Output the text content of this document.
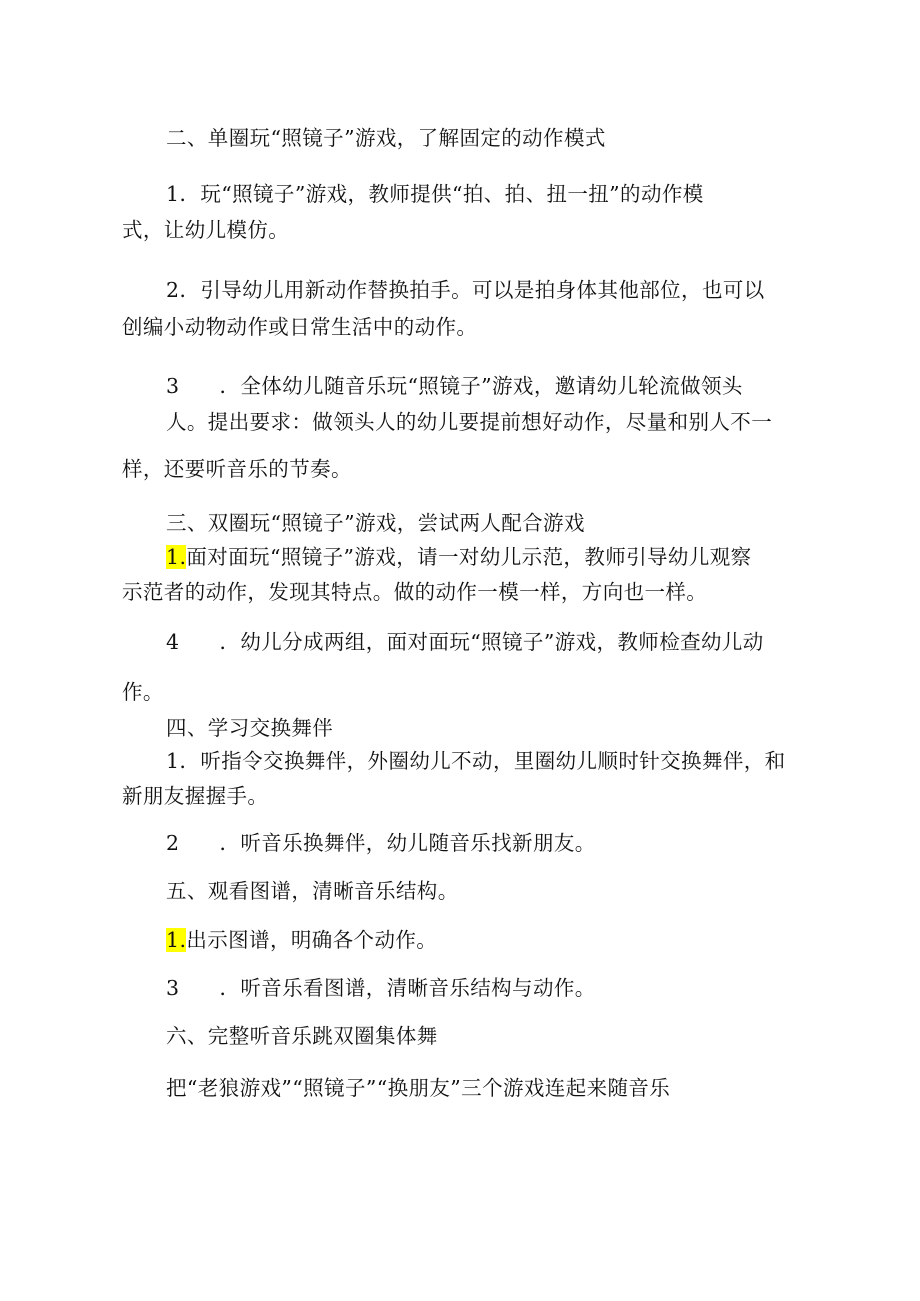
二、单圈玩“照镜子”游戏，了解固定的动作模式
1．玩“照镜子”游戏，教师提供“拍、拍、扭一扭”的动作模
式，让幼儿模仿。
2．引导幼儿用新动作替换拍手。可以是拍身体其他部位，也可以
创编小动物动作或日常生活中的动作。
3 ．全体幼儿随音乐玩“照镜子”游戏，邀请幼儿轮流做领头
人。提出要求：做领头人的幼儿要提前想好动作，尽量和别人不一
样，还要听音乐的节奏。
三、双圈玩“照镜子”游戏，尝试两人配合游戏
1.面对面玩“照镜子”游戏，请一对幼儿示范，教师引导幼儿观察
示范者的动作，发现其特点。做的动作一模一样，方向也一样。
4 ．幼儿分成两组，面对面玩“照镜子”游戏，教师检查幼儿动
作。
四、学习交换舞伴
1．听指令交换舞伴，外圈幼儿不动，里圈幼儿顺时针交换舞伴，和
新朋友握握手。
2 ．听音乐换舞伴，幼儿随音乐找新朋友。
五、观看图谱，清晰音乐结构。
1.出示图谱，明确各个动作。
3 ．听音乐看图谱，清晰音乐结构与动作。
六、完整听音乐跳双圈集体舞
把“老狼游戏”“照镜子”“换朋友”三个游戏连起来随音乐
